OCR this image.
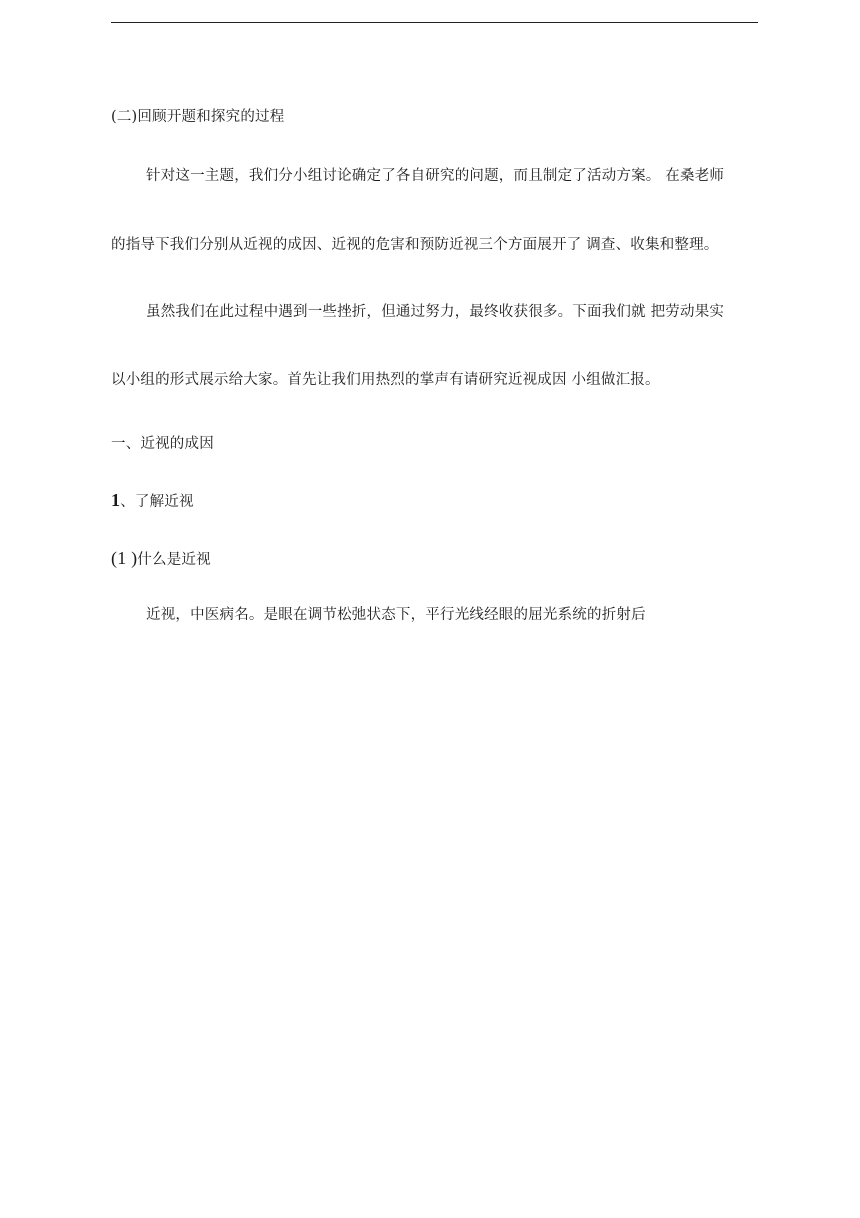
(二)回顾开题和探究的过程
针对这一主题，我们分小组讨论确定了各自研究的问题，而且制定了活动方案。 在桑老师
的指导下我们分别从近视的成因、近视的危害和预防近视三个方面展开了 调查、收集和整理。
虽然我们在此过程中遇到一些挫折，但通过努力，最终收获很多。下面我们就 把劳动果实
以小组的形式展示给大家。首先让我们用热烈的掌声有请研究近视成因 小组做汇报。
一、近视的成因
1、了解近视
(1 )什么是近视
近视，中医病名。是眼在调节松弛状态下，平行光线经眼的屈光系统的折射后
